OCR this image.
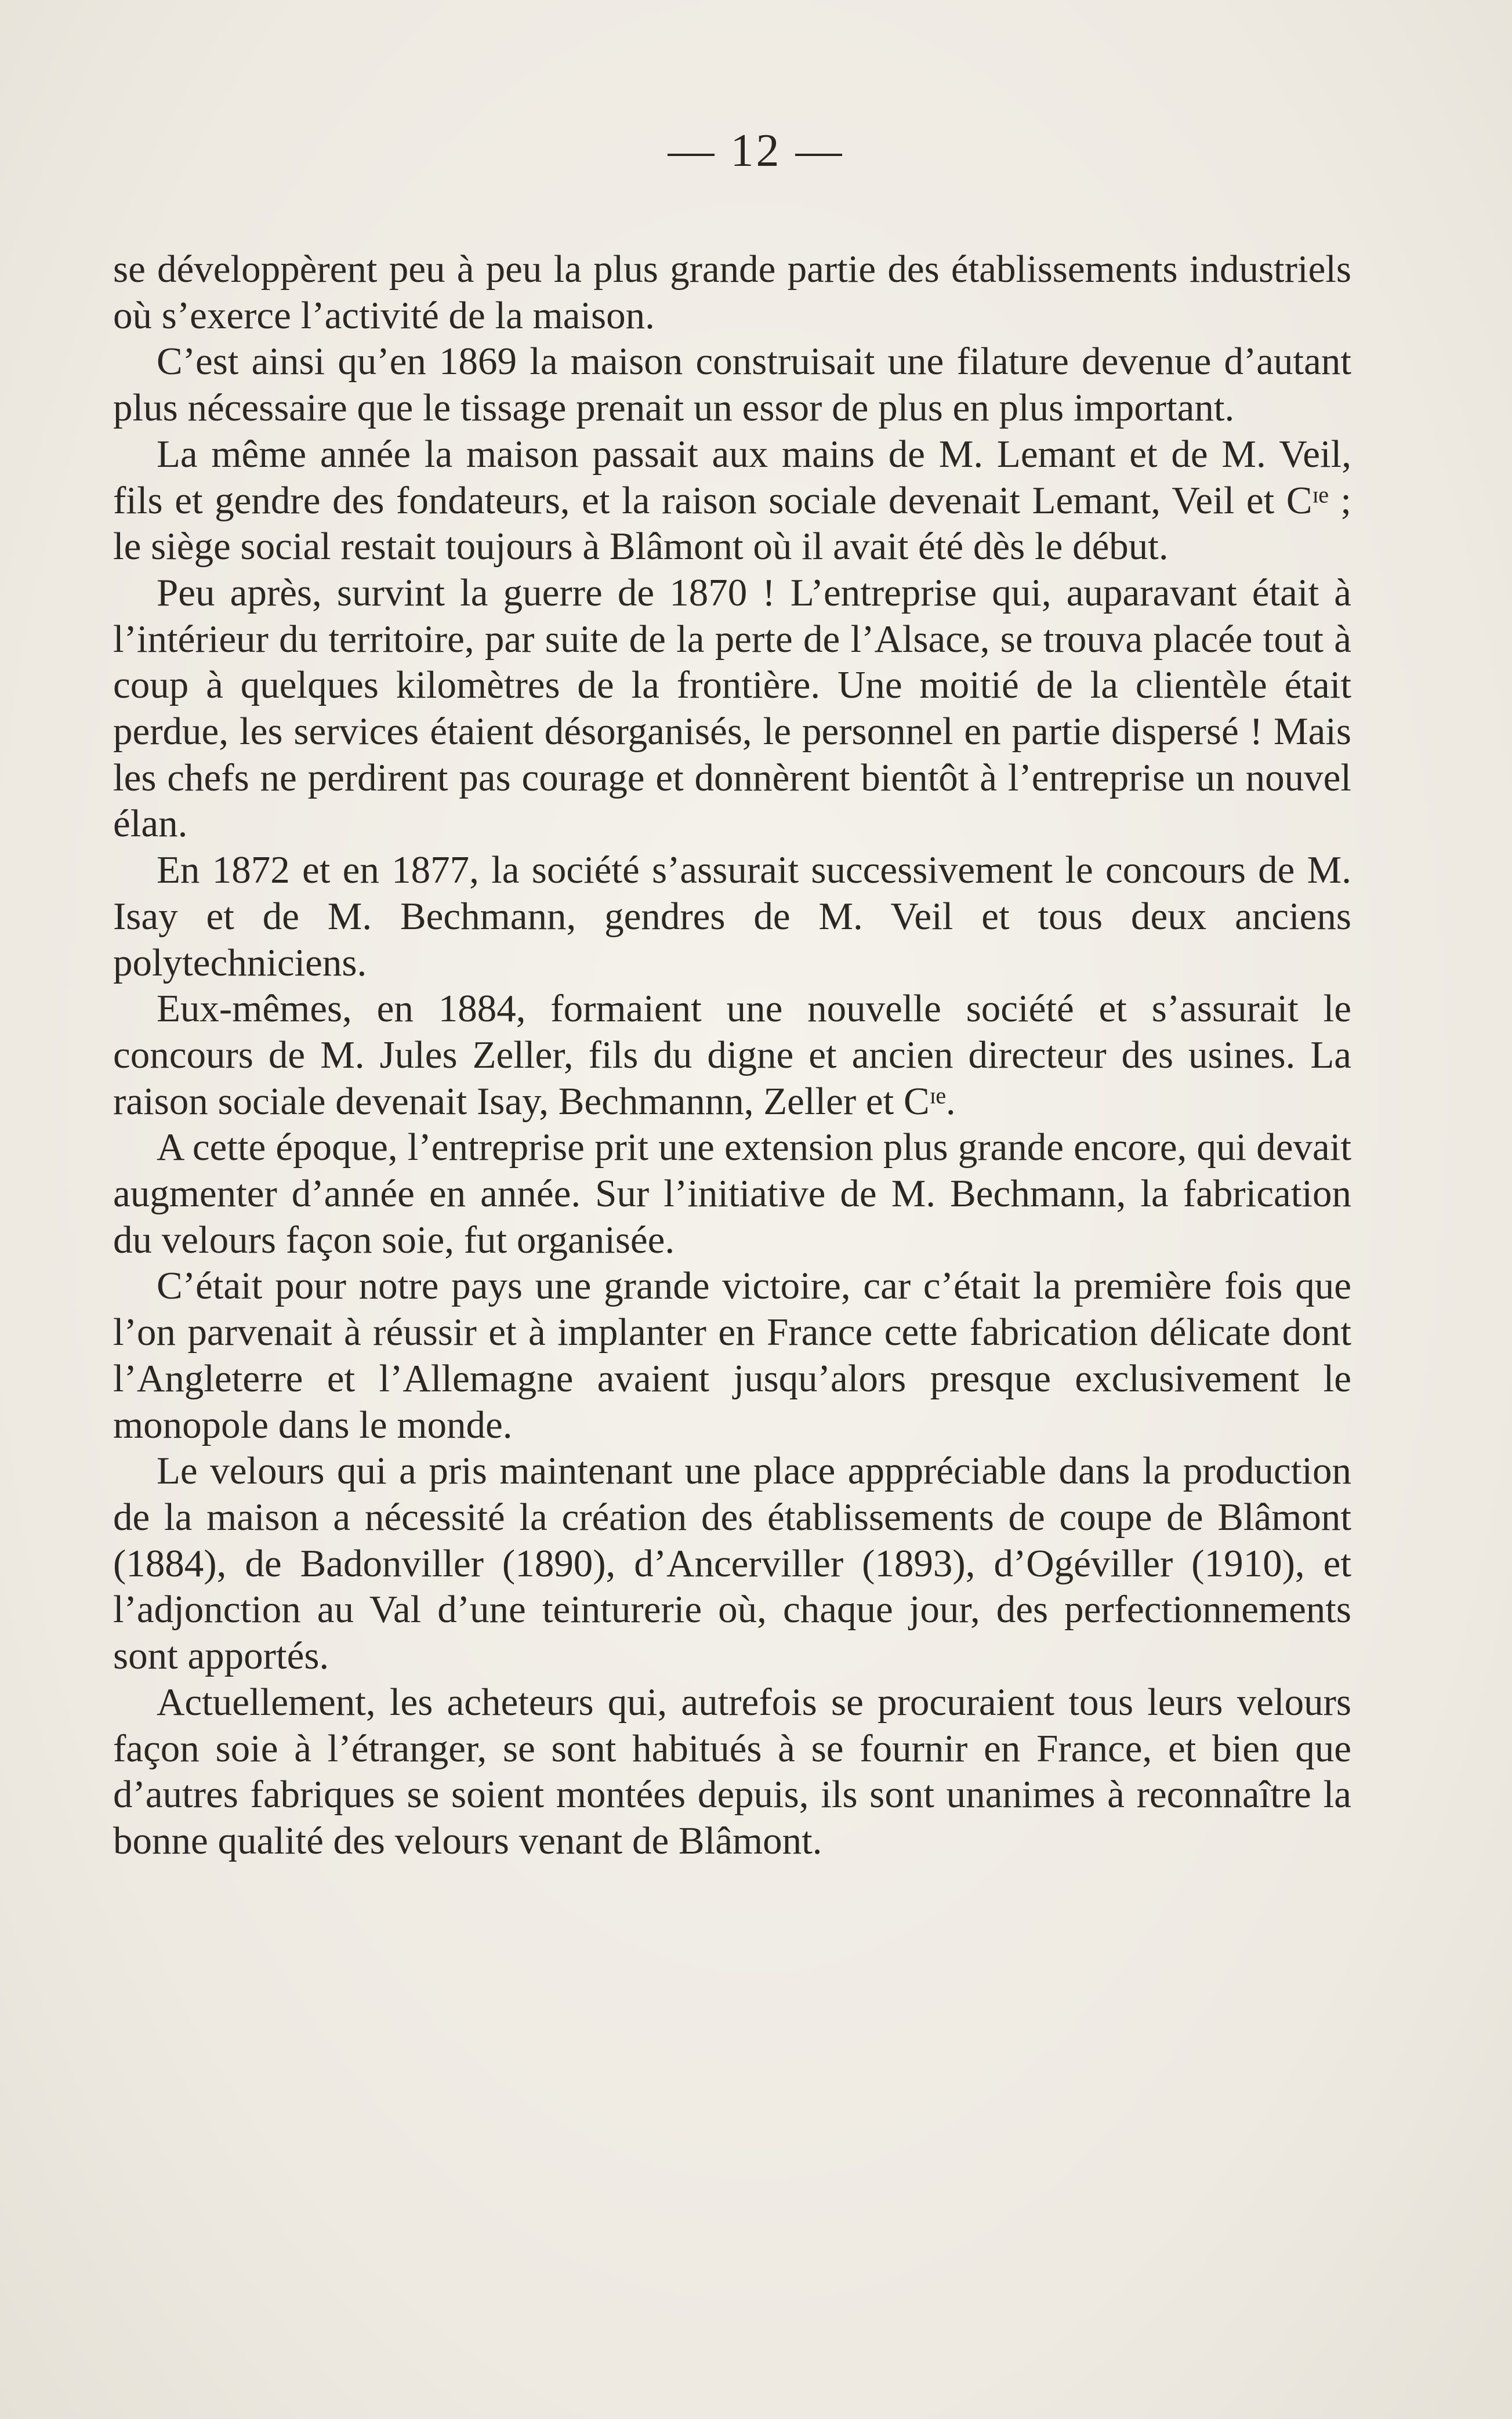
— 12 —

se développèrent peu à peu la plus grande partie des établissements industriels où s’exerce l’activité de la maison.

C’est ainsi qu’en 1869 la maison construisait une filature devenue d’autant plus nécessaire que le tissage prenait un essor de plus en plus important.

La même année la maison passait aux mains de M. Lemant et de M. Veil, fils et gendre des fondateurs, et la raison sociale devenait Lemant, Veil et Cᶦᵉ ; le siège social restait toujours à Blâmont où il avait été dès le début.

Peu après, survint la guerre de 1870 ! L’entreprise qui, auparavant était à l’intérieur du territoire, par suite de la perte de l’Alsace, se trouva placée tout à coup à quelques kilomètres de la frontière. Une moitié de la clientèle était perdue, les services étaient désorganisés, le personnel en partie dispersé ! Mais les chefs ne perdirent pas courage et donnèrent bientôt à l’entreprise un nouvel élan.

En 1872 et en 1877, la société s’assurait successivement le concours de M. Isay et de M. Bechmann, gendres de M. Veil et tous deux anciens polytechniciens.

Eux-mêmes, en 1884, formaient une nouvelle société et s’assurait le concours de M. Jules Zeller, fils du digne et ancien directeur des usines. La raison sociale devenait Isay, Bechmannn, Zeller et Cᶦᵉ.

A cette époque, l’entreprise prit une extension plus grande encore, qui devait augmenter d’année en année. Sur l’initiative de M. Bechmann, la fabrication du velours façon soie, fut organisée.

C’était pour notre pays une grande victoire, car c’était la première fois que l’on parvenait à réussir et à implanter en France cette fabrication délicate dont l’Angleterre et l’Allemagne avaient jusqu’alors presque exclusivement le monopole dans le monde.

Le velours qui a pris maintenant une place apppréciable dans la production de la maison a nécessité la création des établissements de coupe de Blâmont (1884), de Badonviller (1890), d’Ancerviller (1893), d’Ogéviller (1910), et l’adjonction au Val d’une teinturerie où, chaque jour, des perfectionnements sont apportés.

Actuellement, les acheteurs qui, autrefois se procuraient tous leurs velours façon soie à l’étranger, se sont habitués à se fournir en France, et bien que d’autres fabriques se soient montées depuis, ils sont unanimes à reconnaître la bonne qualité des velours venant de Blâmont.
